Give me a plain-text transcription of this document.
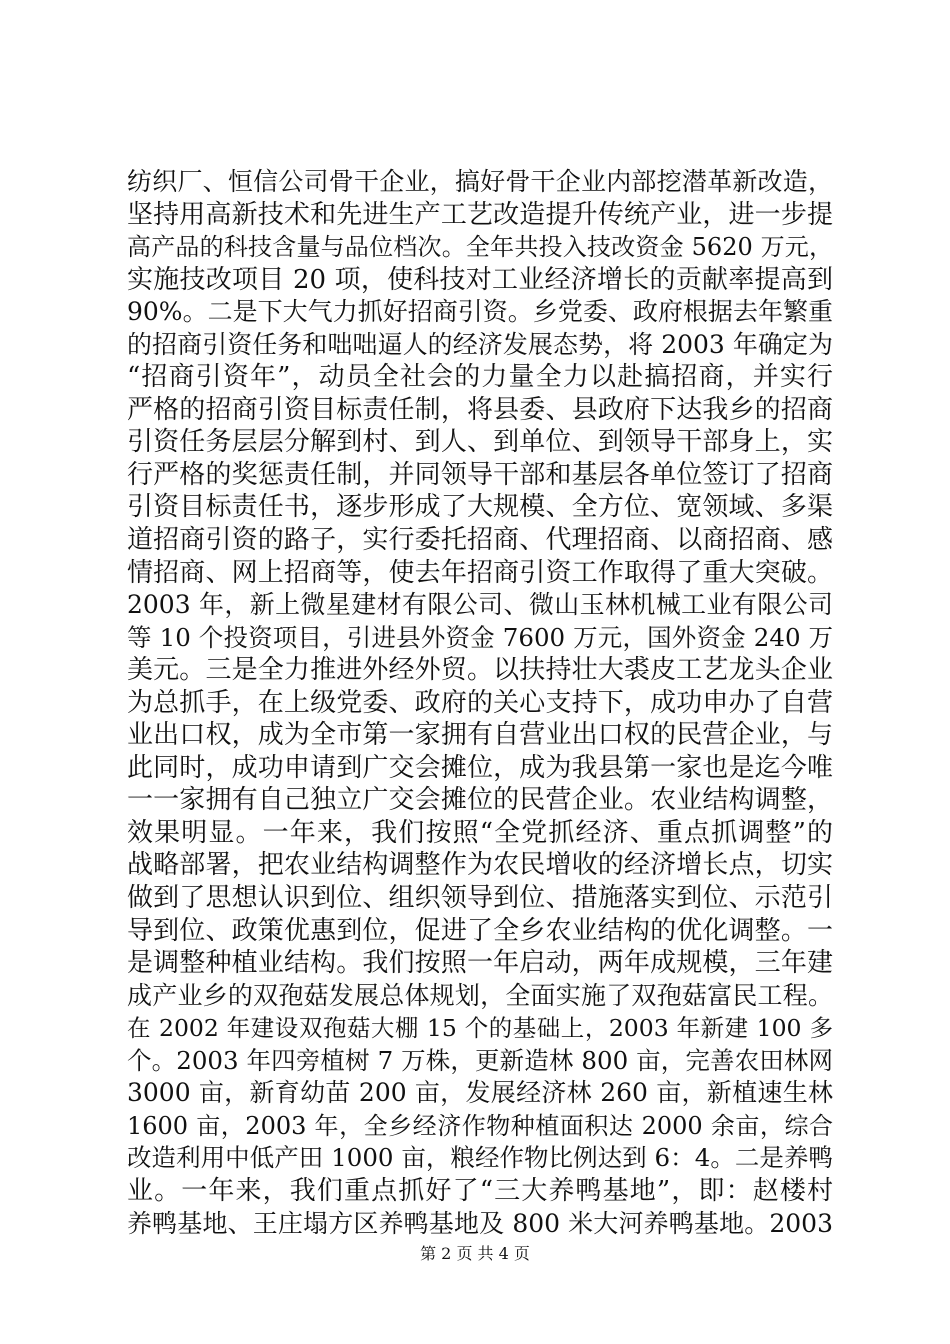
纺织厂、恒信公司骨干企业，搞好骨干企业内部挖潜革新改造，
坚持用高新技术和先进生产工艺改造提升传统产业，进一步提
高产品的科技含量与品位档次。全年共投入技改资金 5620 万元，
实施技改项目 20 项，使科技对工业经济增长的贡献率提高到
90%。二是下大气力抓好招商引资。乡党委、政府根据去年繁重
的招商引资任务和咄咄逼人的经济发展态势，将 2003 年确定为
“招商引资年”，动员全社会的力量全力以赴搞招商，并实行
严格的招商引资目标责任制，将县委、县政府下达我乡的招商
引资任务层层分解到村、到人、到单位、到领导干部身上，实
行严格的奖惩责任制，并同领导干部和基层各单位签订了招商
引资目标责任书，逐步形成了大规模、全方位、宽领域、多渠
道招商引资的路子，实行委托招商、代理招商、以商招商、感
情招商、网上招商等，使去年招商引资工作取得了重大突破。
2003 年，新上微星建材有限公司、微山玉林机械工业有限公司
等 10 个投资项目，引进县外资金 7600 万元，国外资金 240 万
美元。三是全力推进外经外贸。以扶持壮大裘皮工艺龙头企业
为总抓手，在上级党委、政府的关心支持下，成功申办了自营
业出口权，成为全市第一家拥有自营业出口权的民营企业，与
此同时，成功申请到广交会摊位，成为我县第一家也是迄今唯
一一家拥有自己独立广交会摊位的民营企业。农业结构调整，
效果明显。一年来，我们按照“全党抓经济、重点抓调整”的
战略部署，把农业结构调整作为农民增收的经济增长点，切实
做到了思想认识到位、组织领导到位、措施落实到位、示范引
导到位、政策优惠到位，促进了全乡农业结构的优化调整。一
是调整种植业结构。我们按照一年启动，两年成规模，三年建
成产业乡的双孢菇发展总体规划，全面实施了双孢菇富民工程。
在 2002 年建设双孢菇大棚 15 个的基础上，2003 年新建 100 多
个。2003 年四旁植树 7 万株，更新造林 800 亩，完善农田林网
3000 亩，新育幼苗 200 亩，发展经济林 260 亩，新植速生林
1600 亩，2003 年，全乡经济作物种植面积达 2000 余亩，综合
改造利用中低产田 1000 亩，粮经作物比例达到 6：4。二是养鸭
业。一年来，我们重点抓好了“三大养鸭基地”，即：赵楼村
养鸭基地、王庄塌方区养鸭基地及 800 米大河养鸭基地。2003
第 2 页 共 4 页
